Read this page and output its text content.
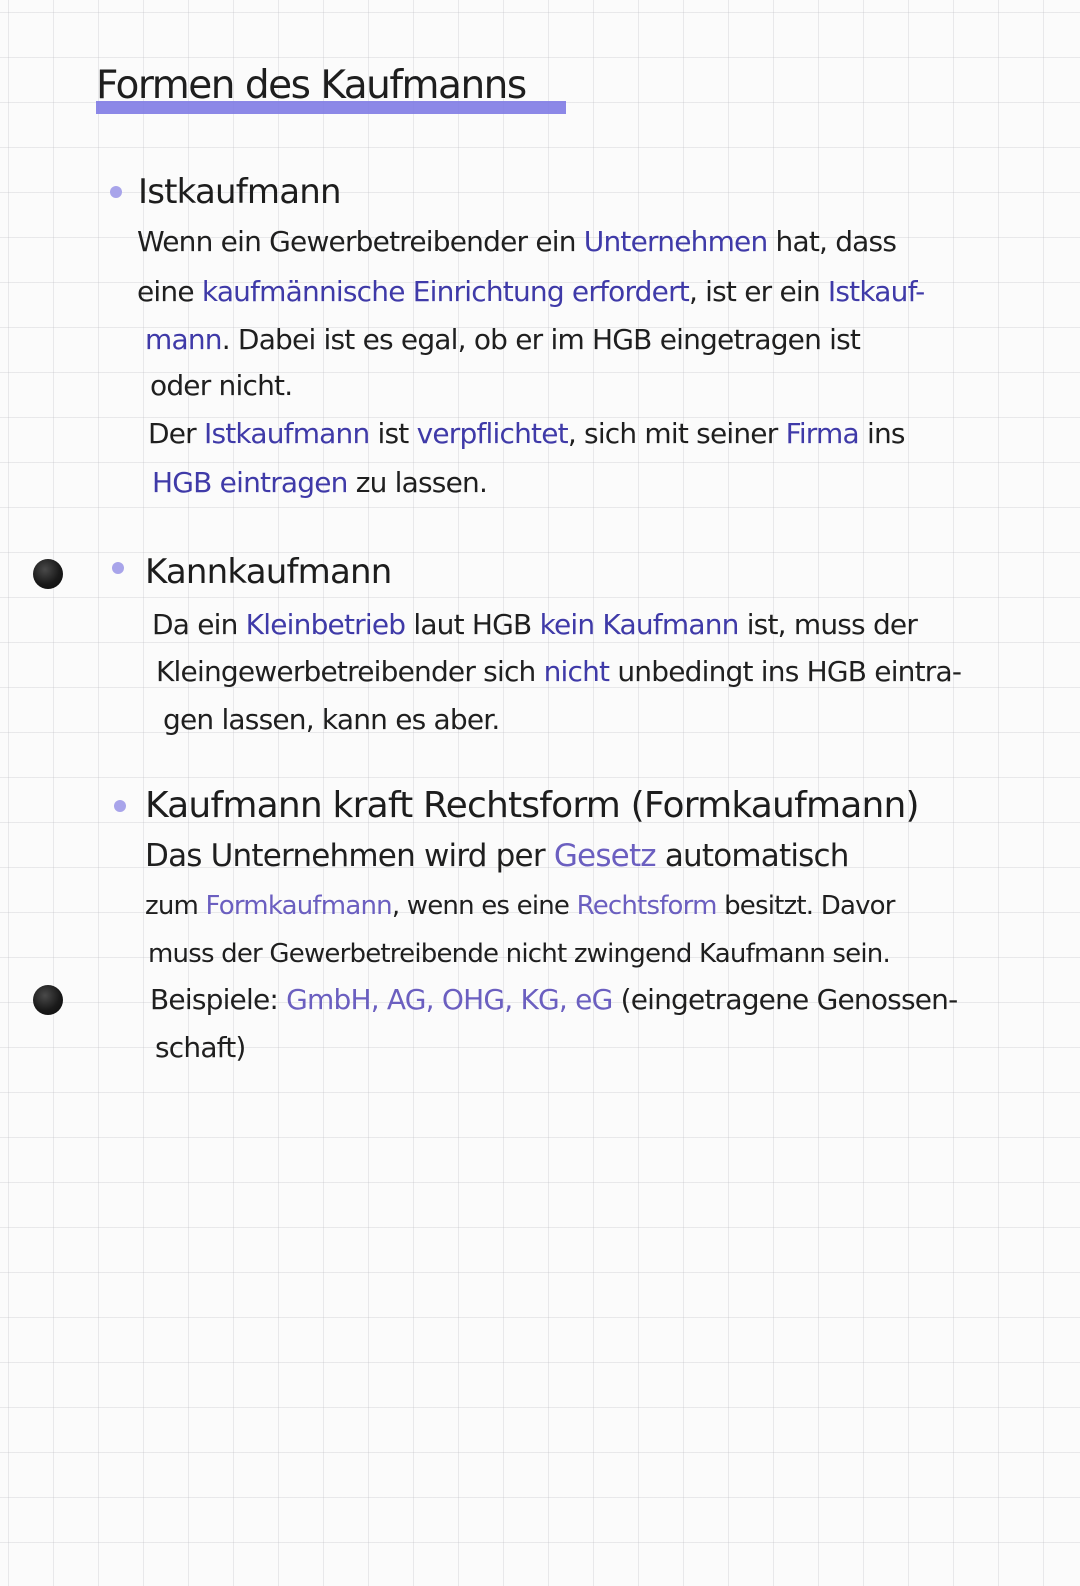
Formen des Kaufmanns
Istkaufmann
Wenn ein Gewerbetreibender ein Unternehmen hat, dass
eine kaufmännische Einrichtung erfordert, ist er ein Istkauf-
mann. Dabei ist es egal, ob er im HGB eingetragen ist
oder nicht.
Der Istkaufmann ist verpflichtet, sich mit seiner Firma ins
HGB eintragen zu lassen.
Kannkaufmann
Da ein Kleinbetrieb laut HGB kein Kaufmann ist, muss der
Kleingewerbetreibender sich nicht unbedingt ins HGB eintra-
gen lassen, kann es aber.
Kaufmann kraft Rechtsform (Formkaufmann)
Das Unternehmen wird per Gesetz automatisch
zum Formkaufmann, wenn es eine Rechtsform besitzt. Davor
muss der Gewerbetreibende nicht zwingend Kaufmann sein.
Beispiele: GmbH, AG, OHG, KG, eG (eingetragene Genossen-
schaft)
